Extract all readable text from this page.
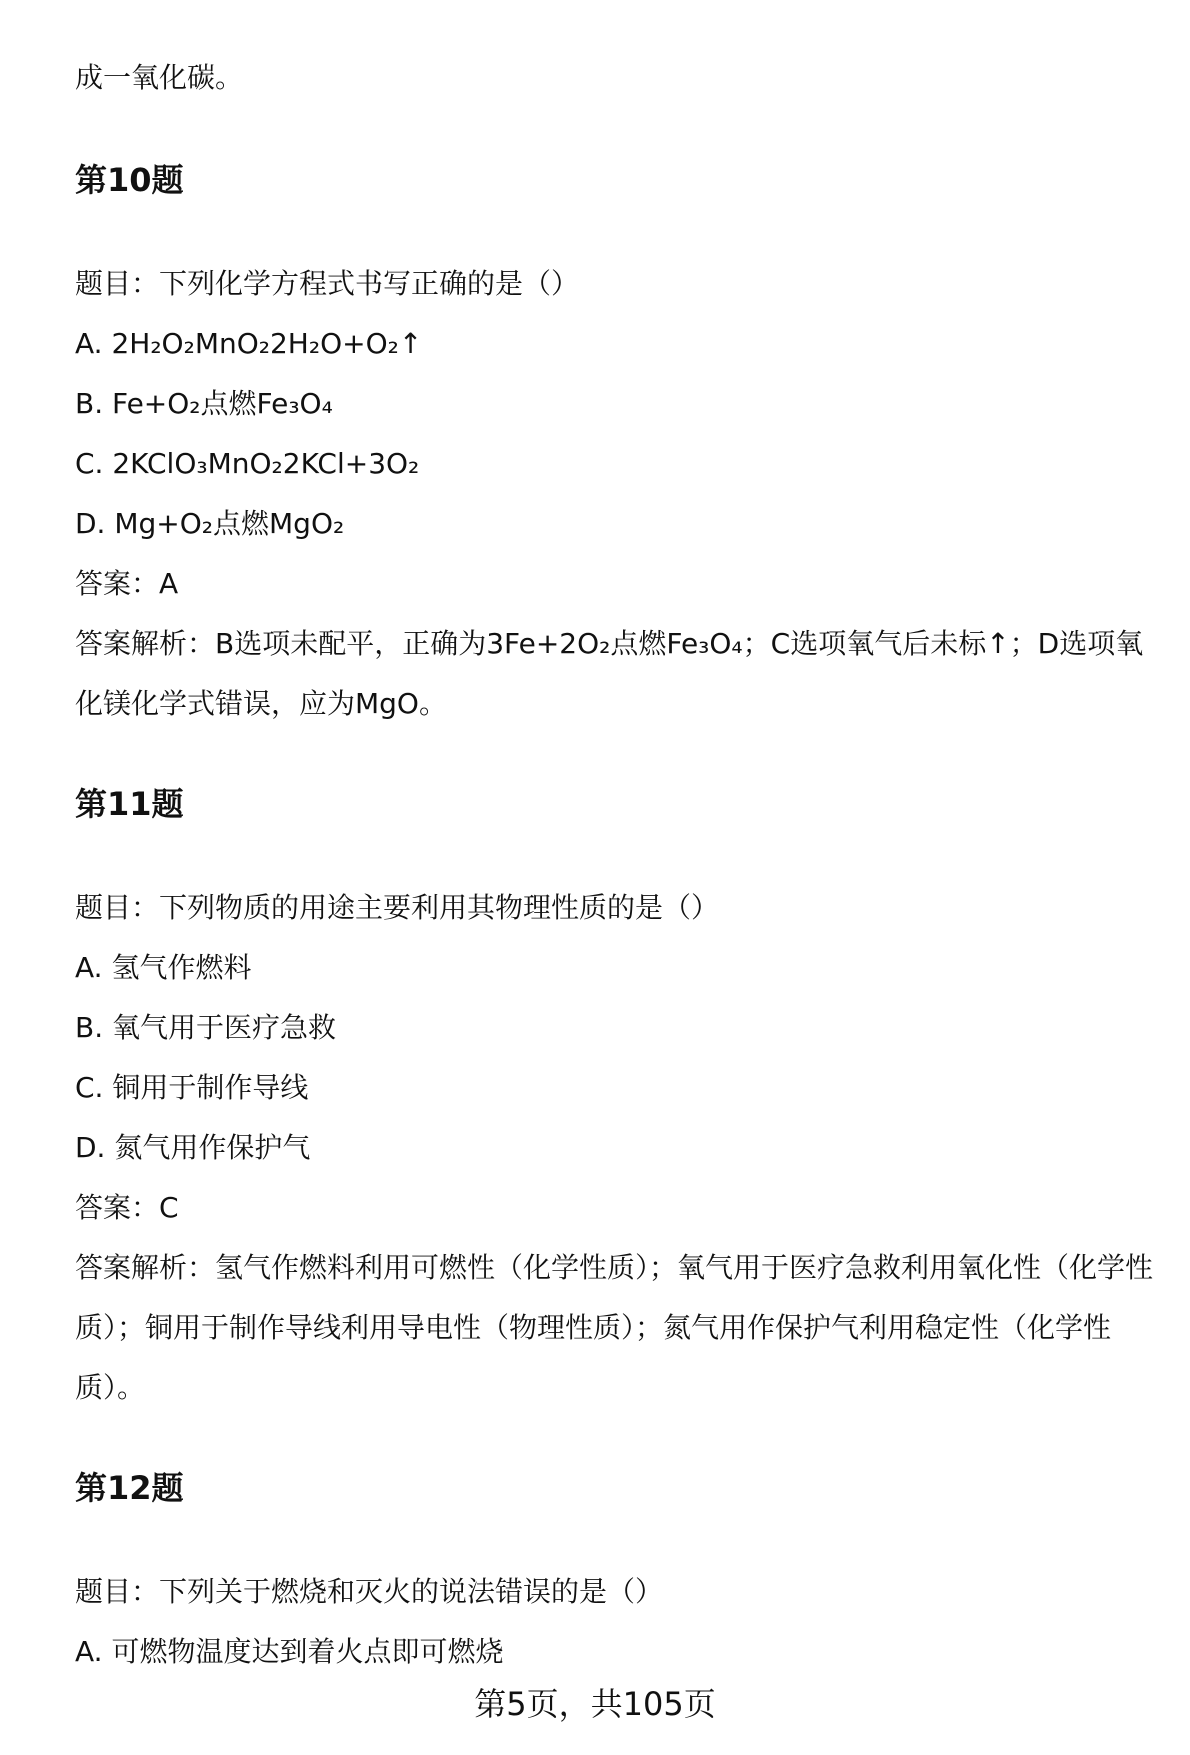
成一氧化碳。
第10题
题目：下列化学方程式书写正确的是（）
A. 2H₂O₂MnO₂2H₂O+O₂↑
B. Fe+O₂点燃Fe₃O₄
C. 2KClO₃MnO₂2KCl+3O₂
D. Mg+O₂点燃MgO₂
答案：A
答案解析：B选项未配平，正确为3Fe+2O₂点燃Fe₃O₄；C选项氧气后未标↑；D选项氧化镁化学式错误，应为MgO。
第11题
题目：下列物质的用途主要利用其物理性质的是（）
A. 氢气作燃料
B. 氧气用于医疗急救
C. 铜用于制作导线
D. 氮气用作保护气
答案：C
答案解析：氢气作燃料利用可燃性（化学性质）；氧气用于医疗急救利用氧化性（化学性质）；铜用于制作导线利用导电性（物理性质）；氮气用作保护气利用稳定性（化学性质）。
第12题
题目：下列关于燃烧和灭火的说法错误的是（）
A. 可燃物温度达到着火点即可燃烧
第5页，共105页
